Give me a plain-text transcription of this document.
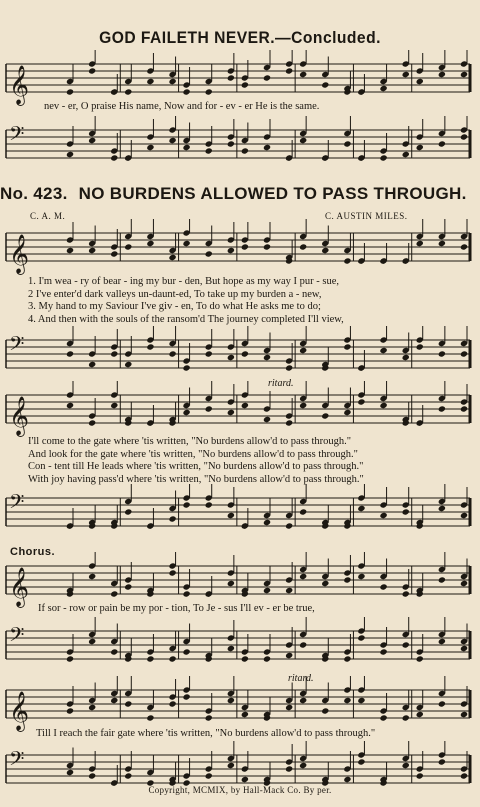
GOD FAILETH NEVER.—Concluded.
𝄞
nev - er, O praise His name, Now and for - ev - er He is the same.
𝄢
No. 423. NO BURDENS ALLOWED TO PASS THROUGH.
C. A. M.	C. AUSTIN MILES.
𝄞
1. I'm wea - ry of bear - ing my bur - den, But hope as my way I pur - sue,
2 I've enter'd dark valleys un-daunt-ed, To take up my burden a - new,
3. My hand to my Saviour I've giv - en, To do what He asks me to do;
4. And then with the souls of the ransom'd The journey completed I'll view,
𝄢
ritard.
𝄞
I'll come to the gate where 'tis written, "No burdens allow'd to pass through."
And look for the gate where 'tis written, "No burdens allow'd to pass through."
Con - tent till He leads where 'tis written, "No burdens allow'd to pass through."
With joy having pass'd where 'tis written, "No burdens allow'd to pass through."
𝄢
Chorus.
𝄞
If sor - row or pain be my por - tion, To Je - sus I'll ev - er be true,
𝄢
ritard.
𝄞
Till I reach the fair gate where 'tis written, "No burdens allow'd to pass through."
𝄢
Copyright, MCMIX, by Hall-Mack Co. By per.
